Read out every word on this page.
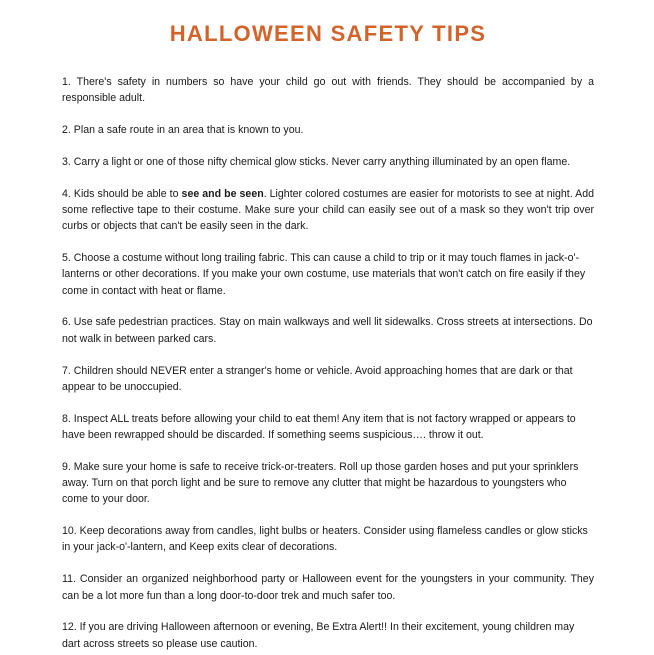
HALLOWEEN SAFETY TIPS

1. There's safety in numbers so have your child go out with friends. They should be accompanied by a responsible adult.

2. Plan a safe route in an area that is known to you.

3. Carry a light or one of those nifty chemical glow sticks. Never carry anything illuminated by an open flame.

4. Kids should be able to see and be seen. Lighter colored costumes are easier for motorists to see at night. Add some reflective tape to their costume. Make sure your child can easily see out of a mask so they won't trip over curbs or objects that can't be easily seen in the dark.

5. Choose a costume without long trailing fabric. This can cause a child to trip or it may touch flames in jack-o'-lanterns or other decorations. If you make your own costume, use materials that won't catch on fire easily if they come in contact with heat or flame.

6. Use safe pedestrian practices. Stay on main walkways and well lit sidewalks. Cross streets at intersections. Do not walk in between parked cars.

7. Children should NEVER enter a stranger's home or vehicle. Avoid approaching homes that are dark or that appear to be unoccupied.

8. Inspect ALL treats before allowing your child to eat them! Any item that is not factory wrapped or appears to have been rewrapped should be discarded. If something seems suspicious…. throw it out.

9. Make sure your home is safe to receive trick-or-treaters. Roll up those garden hoses and put your sprinklers away. Turn on that porch light and be sure to remove any clutter that might be hazardous to youngsters who come to your door.

10. Keep decorations away from candles, light bulbs or heaters. Consider using flameless candles or glow sticks in your jack-o'-lantern, and Keep exits clear of decorations.

11. Consider an organized neighborhood party or Halloween event for the youngsters in your community. They can be a lot more fun than a long door-to-door trek and much safer too.

12. If you are driving Halloween afternoon or evening, Be Extra Alert!! In their excitement, young children may dart across streets so please use caution.
